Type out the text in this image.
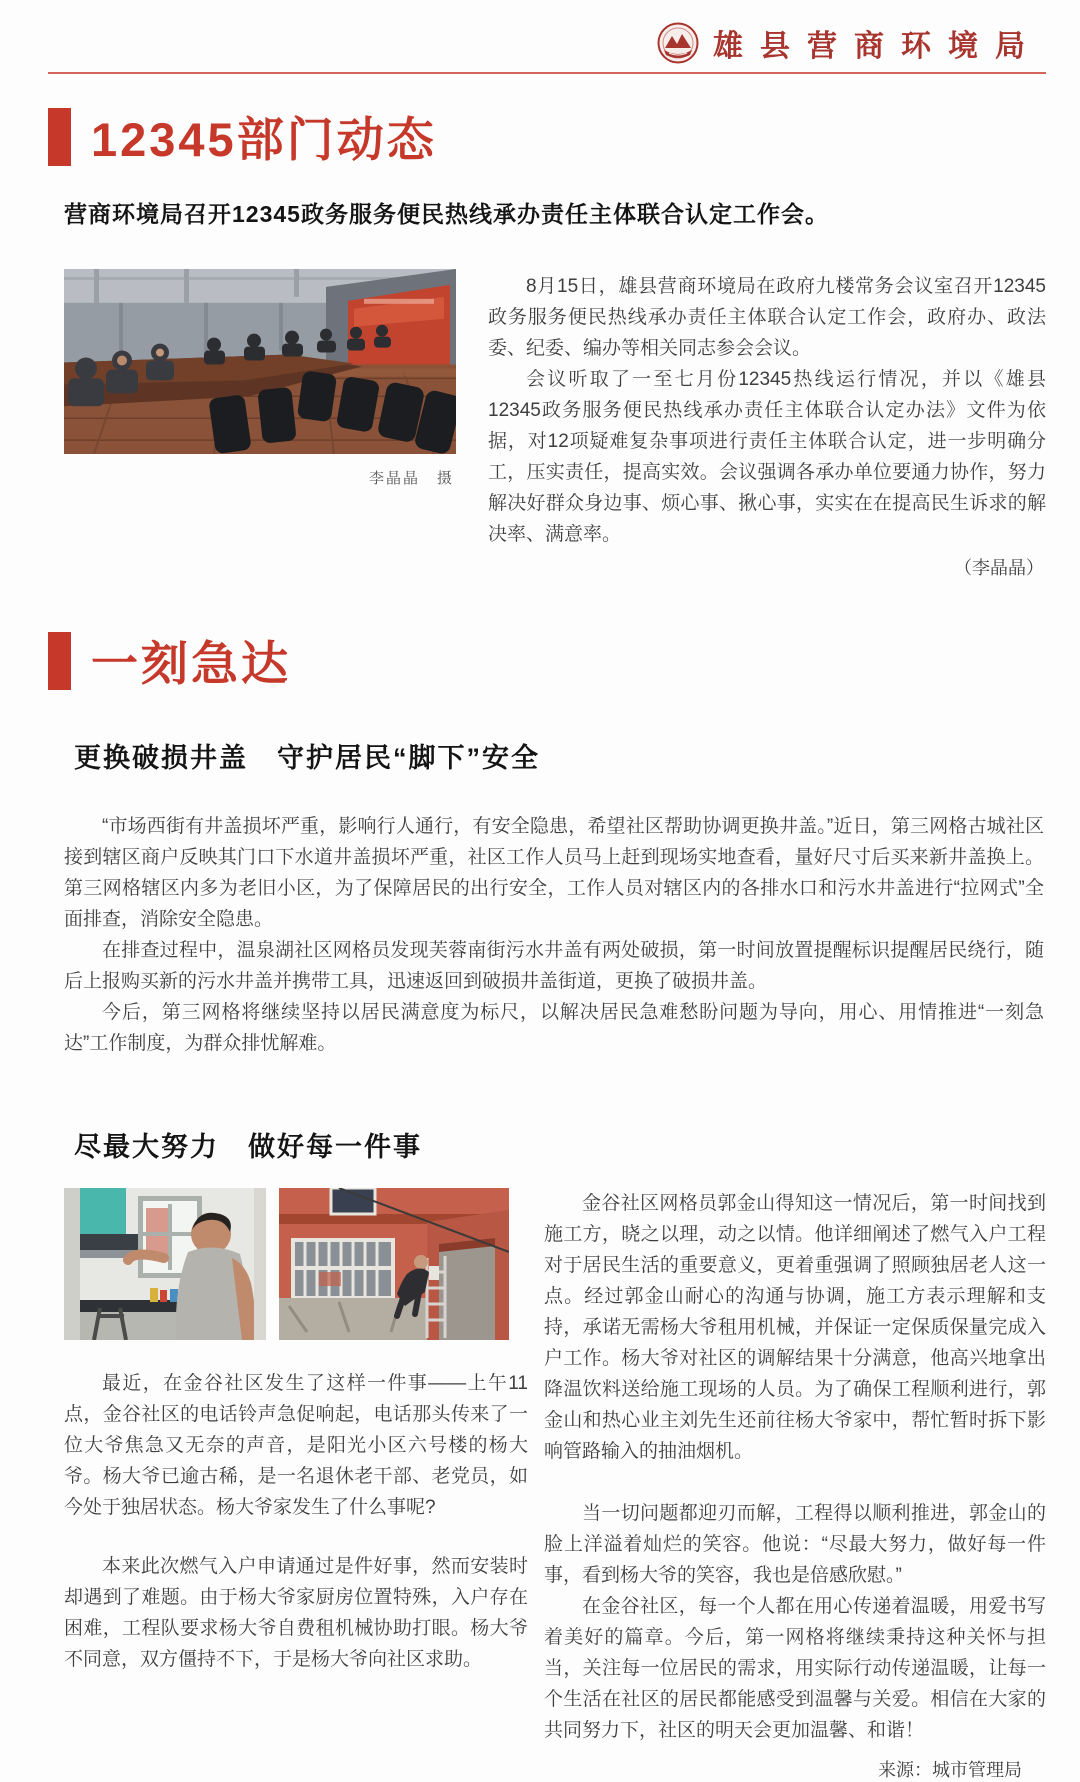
雄县营商环境局
12345部门动态
营商环境局召开12345政务服务便民热线承办责任主体联合认定工作会。
李晶晶　摄

8月15日，雄县营商环境局在政府九楼常务会议室召开12345政务服务便民热线承办责任主体联合认定工作会，政府办、政法委、纪委、编办等相关同志参会会议。

会议听取了一至七月份12345热线运行情况，并以《雄县12345政务服务便民热线承办责任主体联合认定办法》文件为依据，对12项疑难复杂事项进行责任主体联合认定，进一步明确分工，压实责任，提高实效。会议强调各承办单位要通力协作，努力解决好群众身边事、烦心事、揪心事，实实在在提高民生诉求的解决率、满意率。

（李晶晶）
一刻急达
更换破损井盖　守护居民“脚下”安全

“市场西街有井盖损坏严重，影响行人通行，有安全隐患，希望社区帮助协调更换井盖。”近日，第三网格古城社区接到辖区商户反映其门口下水道井盖损坏严重，社区工作人员马上赶到现场实地查看，量好尺寸后买来新井盖换上。第三网格辖区内多为老旧小区，为了保障居民的出行安全，工作人员对辖区内的各排水口和污水井盖进行“拉网式”全面排查，消除安全隐患。

在排查过程中，温泉湖社区网格员发现芙蓉南街污水井盖有两处破损，第一时间放置提醒标识提醒居民绕行，随后上报购买新的污水井盖并携带工具，迅速返回到破损井盖街道，更换了破损井盖。

今后，第三网格将继续坚持以居民满意度为标尺，以解决居民急难愁盼问题为导向，用心、用情推进“一刻急达”工作制度，为群众排忧解难。

尽最大努力　做好每一件事

最近，在金谷社区发生了这样一件事——上午11点，金谷社区的电话铃声急促响起，电话那头传来了一位大爷焦急又无奈的声音，是阳光小区六号楼的杨大爷。杨大爷已逾古稀，是一名退休老干部、老党员，如今处于独居状态。杨大爷家发生了什么事呢?

本来此次燃气入户申请通过是件好事，然而安装时却遇到了难题。由于杨大爷家厨房位置特殊，入户存在困难，工程队要求杨大爷自费租机械协助打眼。杨大爷不同意，双方僵持不下，于是杨大爷向社区求助。

金谷社区网格员郭金山得知这一情况后，第一时间找到施工方，晓之以理，动之以情。他详细阐述了燃气入户工程对于居民生活的重要意义，更着重强调了照顾独居老人这一点。经过郭金山耐心的沟通与协调，施工方表示理解和支持，承诺无需杨大爷租用机械，并保证一定保质保量完成入户工作。杨大爷对社区的调解结果十分满意，他高兴地拿出降温饮料送给施工现场的人员。为了确保工程顺利进行，郭金山和热心业主刘先生还前往杨大爷家中，帮忙暂时拆下影响管路输入的抽油烟机。

当一切问题都迎刃而解，工程得以顺利推进，郭金山的脸上洋溢着灿烂的笑容。他说：“尽最大努力，做好每一件事，看到杨大爷的笑容，我也是倍感欣慰。”

在金谷社区，每一个人都在用心传递着温暖，用爱书写着美好的篇章。今后，第一网格将继续秉持这种关怀与担当，关注每一位居民的需求，用实际行动传递温暖，让每一个生活在社区的居民都能感受到温馨与关爱。相信在大家的共同努力下，社区的明天会更加温馨、和谐！

来源：城市管理局
